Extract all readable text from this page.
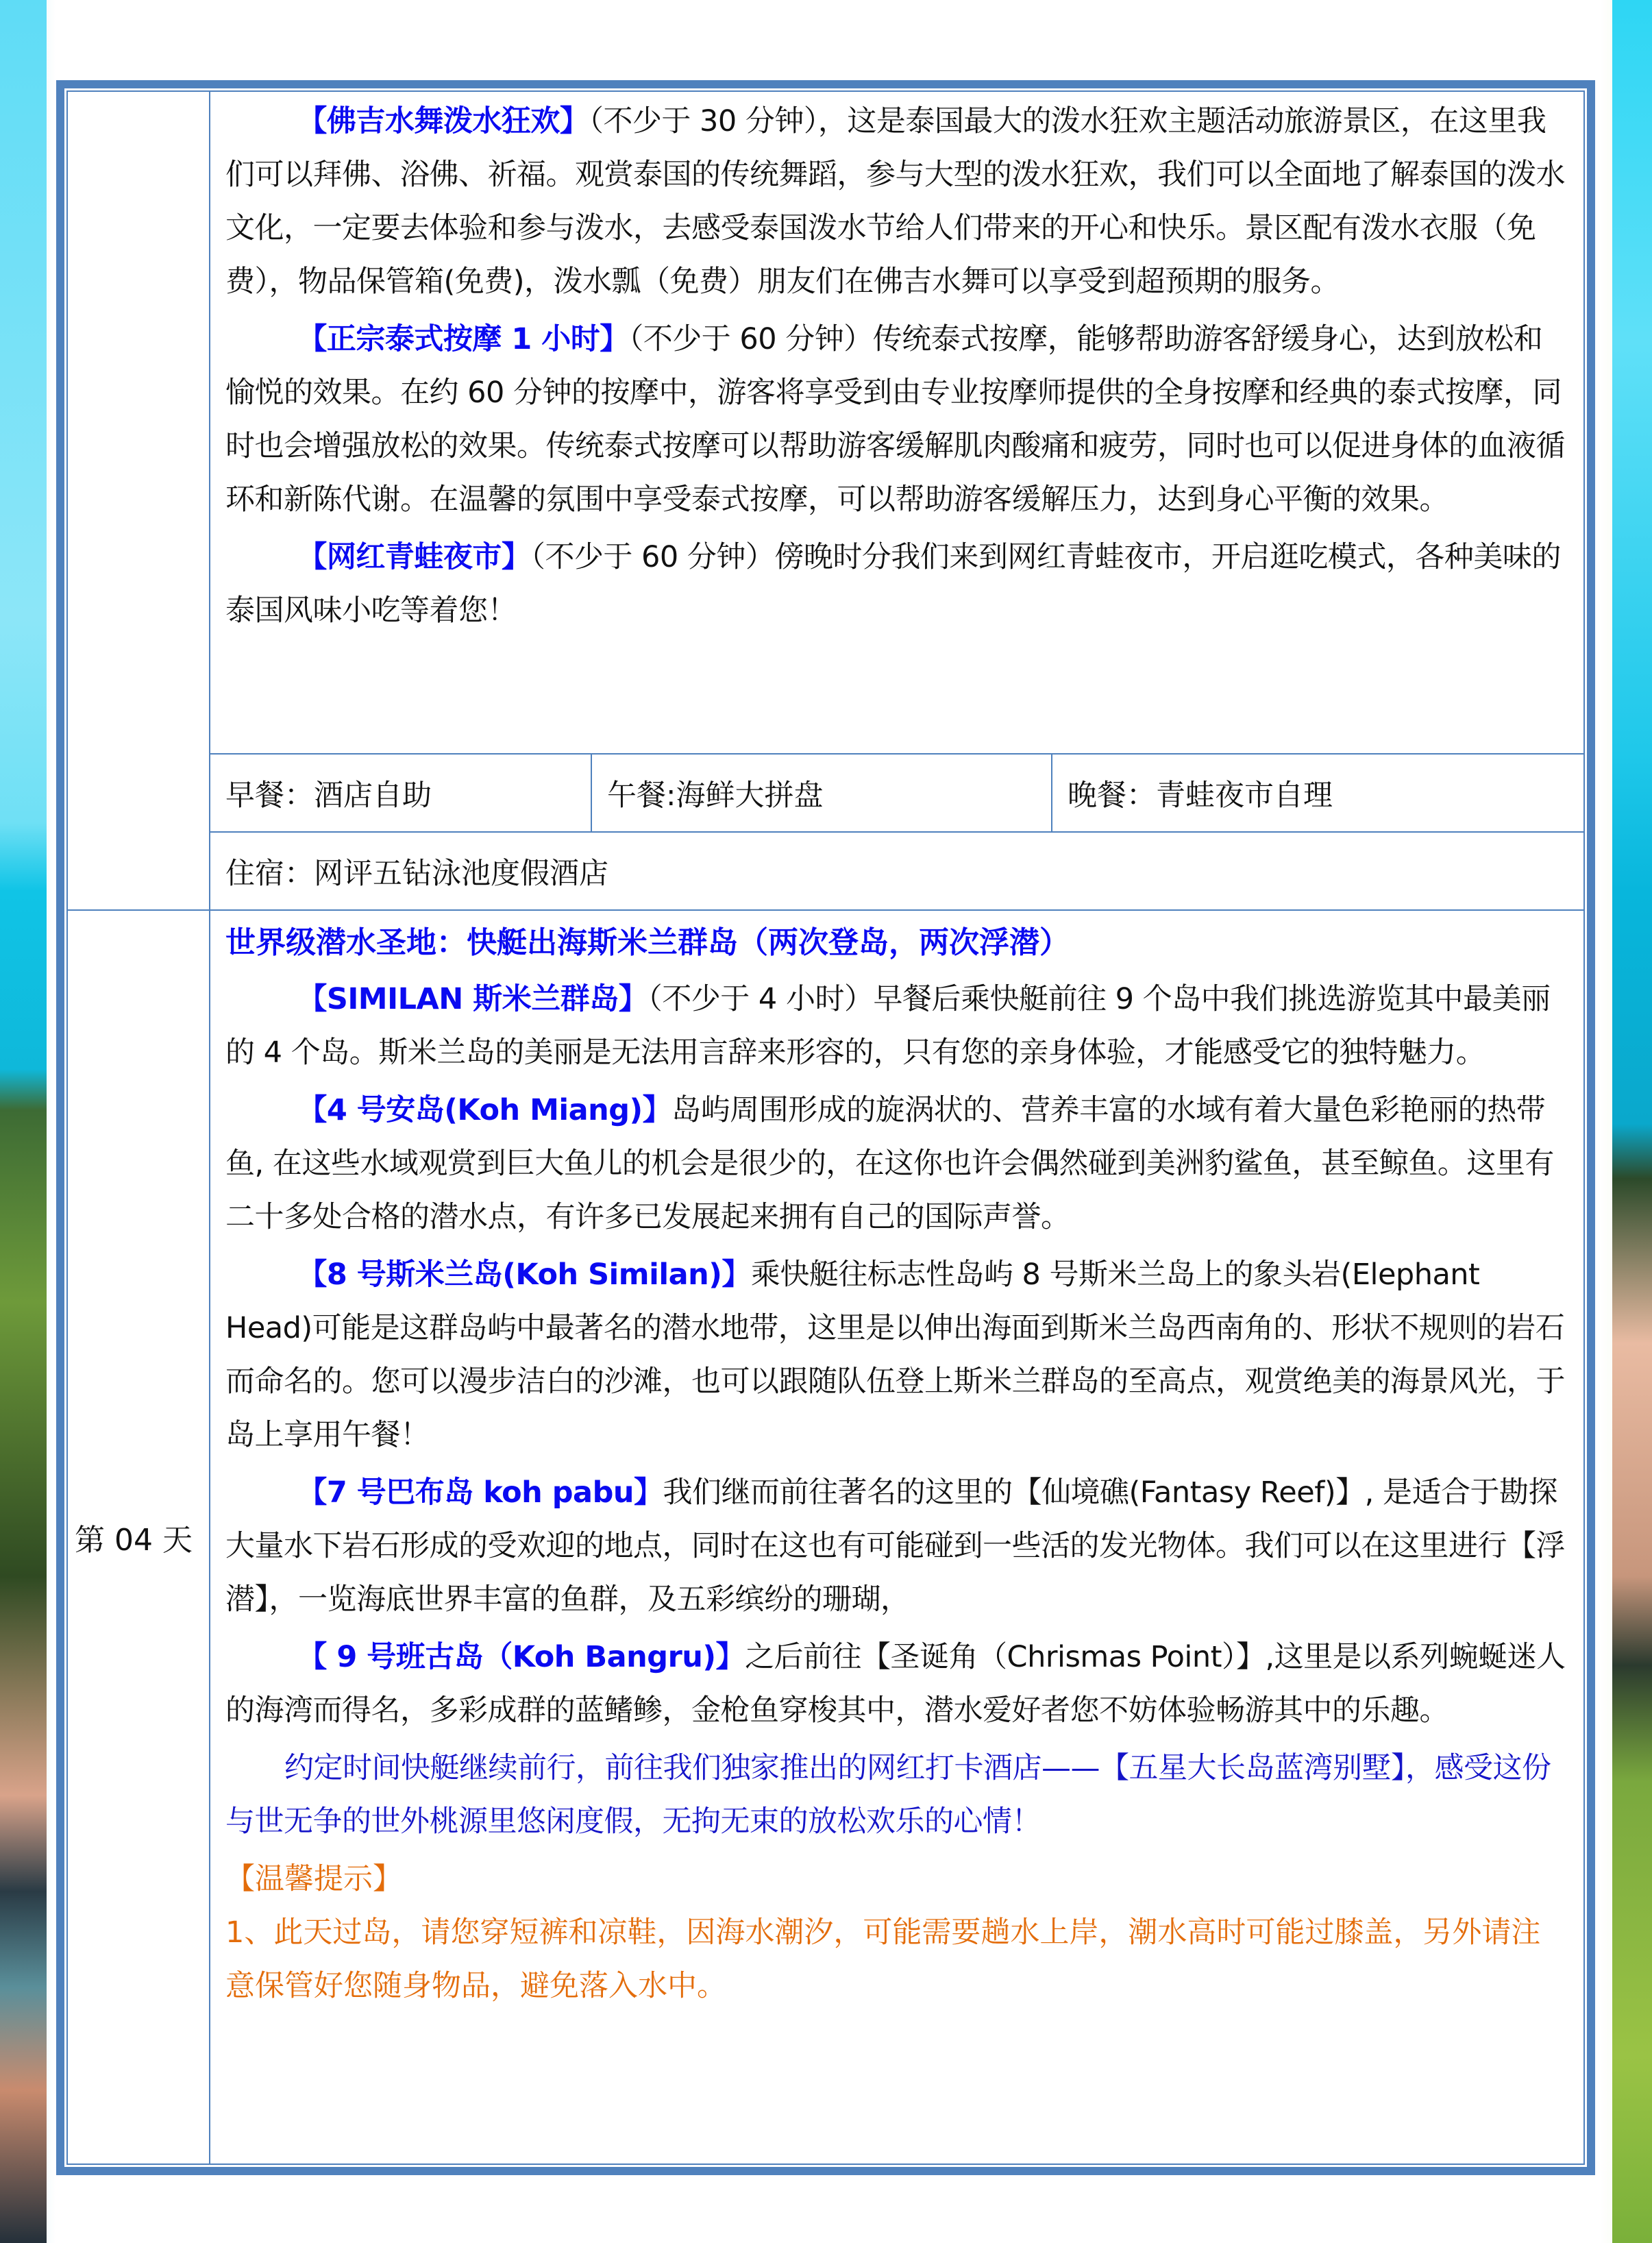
	【佛吉水舞泼水狂欢】（不少于 30 分钟），这是泰国最大的泼水狂欢主题活动旅游景区，在这里我们可以拜佛、浴佛、祈福。观赏泰国的传统舞蹈，参与大型的泼水狂欢，我们可以全面地了解泰国的泼水文化，一定要去体验和参与泼水，去感受泰国泼水节给人们带来的开心和快乐。景区配有泼水衣服（免费），物品保管箱(免费)，泼水瓢（免费）朋友们在佛吉水舞可以享受到超预期的服务。

【正宗泰式按摩 1 小时】（不少于 60 分钟）传统泰式按摩，能够帮助游客舒缓身心，达到放松和愉悦的效果。在约 60 分钟的按摩中，游客将享受到由专业按摩师提供的全身按摩和经典的泰式按摩，同时也会增强放松的效果。传统泰式按摩可以帮助游客缓解肌肉酸痛和疲劳，同时也可以促进身体的血液循环和新陈代谢。在温馨的氛围中享受泰式按摩，可以帮助游客缓解压力，达到身心平衡的效果。

【网红青蛙夜市】（不少于 60 分钟）傍晚时分我们来到网红青蛙夜市，开启逛吃模式，各种美味的泰国风味小吃等着您！		

	早餐：酒店自助	午餐:海鲜大拼盘	晚餐：青蛙夜市自理
	住宿：网评五钻泳池度假酒店		

第 04 天

世界级潜水圣地：快艇出海斯米兰群岛（两次登岛，两次浮潜）

【SIMILAN 斯米兰群岛】（不少于 4 小时）早餐后乘快艇前往 9 个岛中我们挑选游览其中最美丽的 4 个岛。斯米兰岛的美丽是无法用言辞来形容的，只有您的亲身体验，才能感受它的独特魅力。

【4 号安岛(Koh Miang)】岛屿周围形成的旋涡状的、营养丰富的水域有着大量色彩艳丽的热带鱼, 在这些水域观赏到巨大鱼儿的机会是很少的，在这你也许会偶然碰到美洲豹鲨鱼，甚至鲸鱼。这里有二十多处合格的潜水点，有许多已发展起来拥有自己的国际声誉。

【8 号斯米兰岛(Koh Similan)】乘快艇往标志性岛屿 8 号斯米兰岛上的象头岩(Elephant Head)可能是这群岛屿中最著名的潜水地带，这里是以伸出海面到斯米兰岛西南角的、形状不规则的岩石而命名的。您可以漫步洁白的沙滩，也可以跟随队伍登上斯米兰群岛的至高点，观赏绝美的海景风光，于岛上享用午餐！

【7 号巴布岛 koh pabu】我们继而前往著名的这里的【仙境礁(Fantasy Reef)】, 是适合于勘探大量水下岩石形成的受欢迎的地点，同时在这也有可能碰到一些活的发光物体。我们可以在这里进行【浮潜】，一览海底世界丰富的鱼群，及五彩缤纷的珊瑚，

【 9 号班古岛（Koh Bangru)】之后前往【圣诞角（Chrismas Point）】,这里是以系列蜿蜒迷人的海湾而得名，多彩成群的蓝鳍鲹，金枪鱼穿梭其中，潜水爱好者您不妨体验畅游其中的乐趣。

约定时间快艇继续前行，前往我们独家推出的网红打卡酒店——【五星大长岛蓝湾别墅】，感受这份与世无争的世外桃源里悠闲度假，无拘无束的放松欢乐的心情！

【温馨提示】

1、此天过岛，请您穿短裤和凉鞋，因海水潮汐，可能需要趟水上岸，潮水高时可能过膝盖，另外请注意保管好您随身物品，避免落入水中。
